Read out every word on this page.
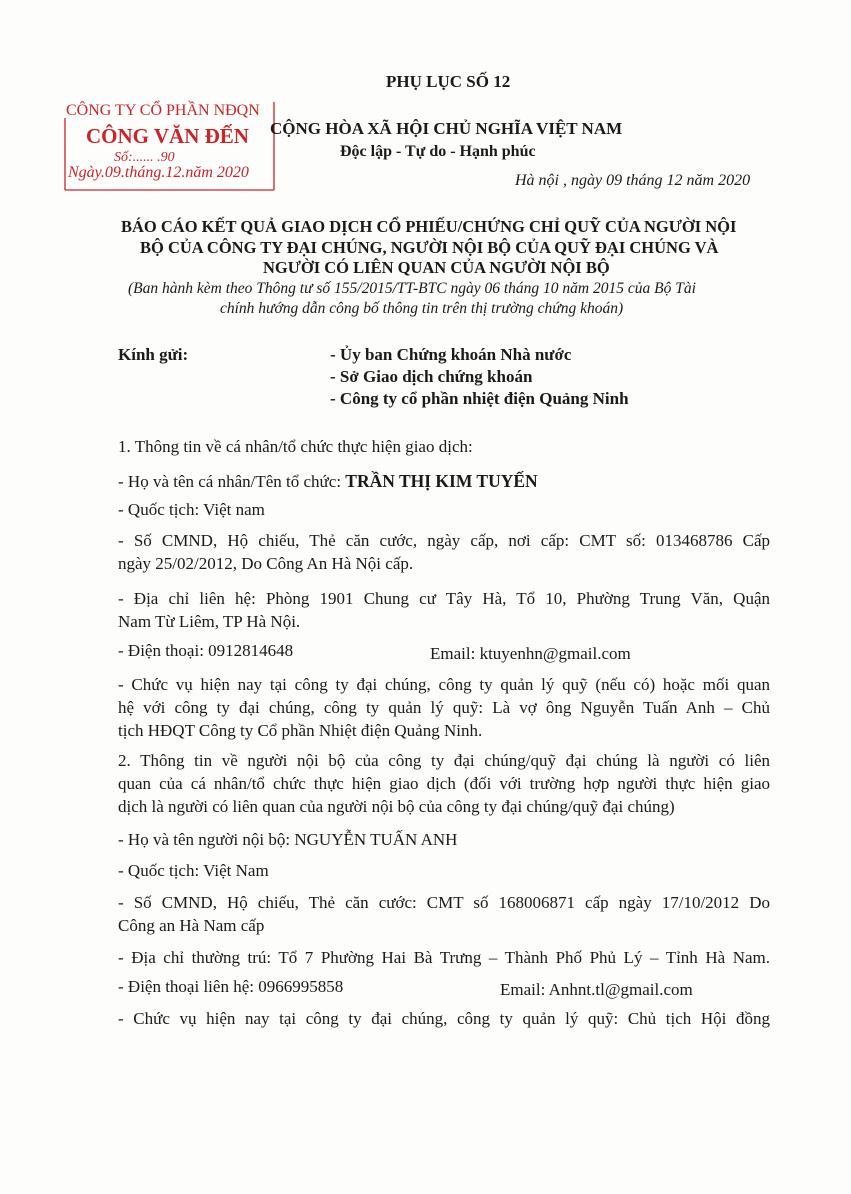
PHỤ LỤC SỐ 12
CÔNG TY CỔ PHẦN NĐQN
CÔNG VĂN ĐẾN
Số:...... .90
Ngày.09.tháng.12.năm 2020
CỘNG HÒA XÃ HỘI CHỦ NGHĨA VIỆT NAM
Độc lập - Tự do - Hạnh phúc
Hà nội , ngày 09 tháng 12 năm 2020
BÁO CÁO KẾT QUẢ GIAO DỊCH CỔ PHIẾU/CHỨNG CHỈ QUỸ CỦA NGƯỜI NỘI
BỘ CỦA CÔNG TY ĐẠI CHÚNG, NGƯỜI NỘI BỘ CỦA QUỸ ĐẠI CHÚNG VÀ
NGƯỜI CÓ LIÊN QUAN CỦA NGƯỜI NỘI BỘ
(Ban hành kèm theo Thông tư số 155/2015/TT-BTC ngày 06 tháng 10 năm 2015 của Bộ Tài
chính hướng dẫn công bố thông tin trên thị trường chứng khoán)
Kính gửi:	- Ủy ban Chứng khoán Nhà nước
- Sở Giao dịch chứng khoán
- Công ty cổ phần nhiệt điện Quảng Ninh
1. Thông tin về cá nhân/tổ chức thực hiện giao dịch:
- Họ và tên cá nhân/Tên tổ chức: TRẦN THỊ KIM TUYẾN
- Quốc tịch: Việt nam
- Số CMND, Hộ chiếu, Thẻ căn cước, ngày cấp, nơi cấp: CMT số: 013468786 Cấp
ngày 25/02/2012, Do Công An Hà Nội cấp.
- Địa chỉ liên hệ: Phòng 1901 Chung cư Tây Hà, Tổ 10, Phường Trung Văn, Quận
Nam Từ Liêm, TP Hà Nội.
- Điện thoại: 0912814648	Email: ktuyenhn@gmail.com
- Chức vụ hiện nay tại công ty đại chúng, công ty quản lý quỹ (nếu có) hoặc mối quan
hệ với công ty đại chúng, công ty quản lý quỹ: Là vợ ông Nguyễn Tuấn Anh – Chủ
tịch HĐQT Công ty Cổ phần Nhiệt điện Quảng Ninh.
2. Thông tin về người nội bộ của công ty đại chúng/quỹ đại chúng là người có liên
quan của cá nhân/tổ chức thực hiện giao dịch (đối với trường hợp người thực hiện giao
dịch là người có liên quan của người nội bộ của công ty đại chúng/quỹ đại chúng)
- Họ và tên người nội bộ: NGUYỄN TUẤN ANH
- Quốc tịch: Việt Nam
- Số CMND, Hộ chiếu, Thẻ căn cước: CMT số 168006871 cấp ngày 17/10/2012 Do
Công an Hà Nam cấp
- Địa chỉ thường trú: Tổ 7 Phường Hai Bà Trưng – Thành Phố Phủ Lý – Tỉnh Hà Nam.
- Điện thoại liên hệ: 0966995858	Email: Anhnt.tl@gmail.com
- Chức vụ hiện nay tại công ty đại chúng, công ty quản lý quỹ: Chủ tịch Hội đồng
